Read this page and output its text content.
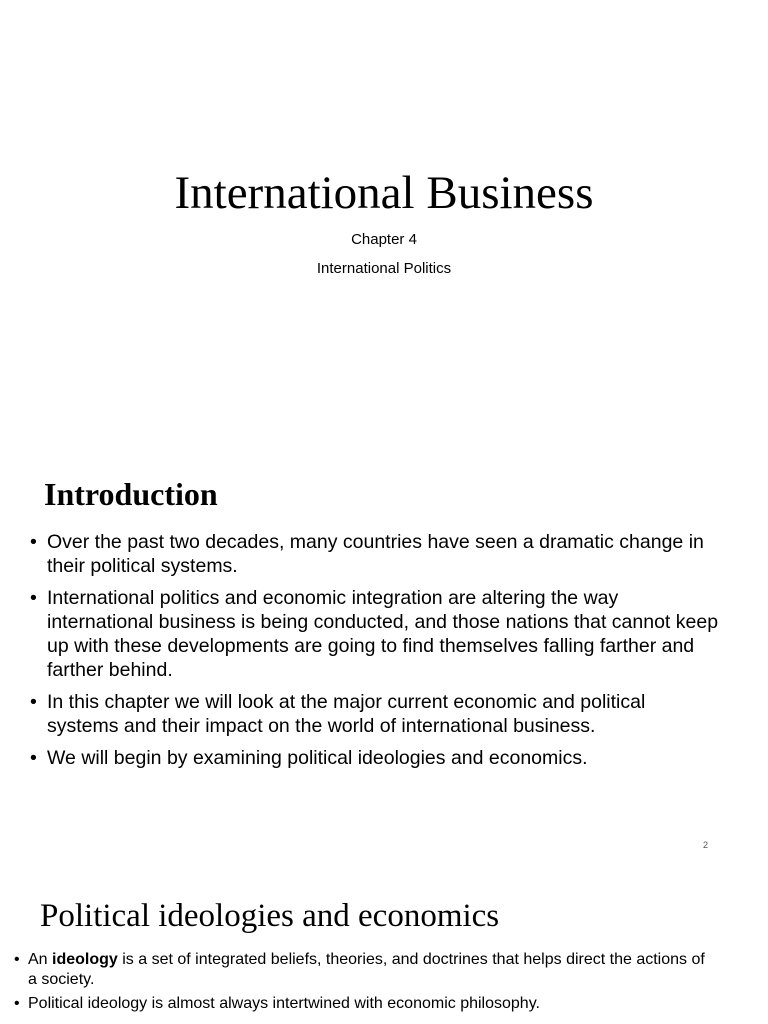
International Business
Chapter 4
International Politics
Introduction
• Over the past two decades, many countries have seen a dramatic change in their political systems.
• International politics and economic integration are altering the way international business is being conducted, and those nations that cannot keep up with these developments are going to find themselves falling farther and farther behind.
• In this chapter we will look at the major current economic and political systems and their impact on the world of international business.
• We will begin by examining political ideologies and economics.
2
Political ideologies and economics
• An ideology is a set of integrated beliefs, theories, and doctrines that helps direct the actions of a society.
• Political ideology is almost always intertwined with economic philosophy.
